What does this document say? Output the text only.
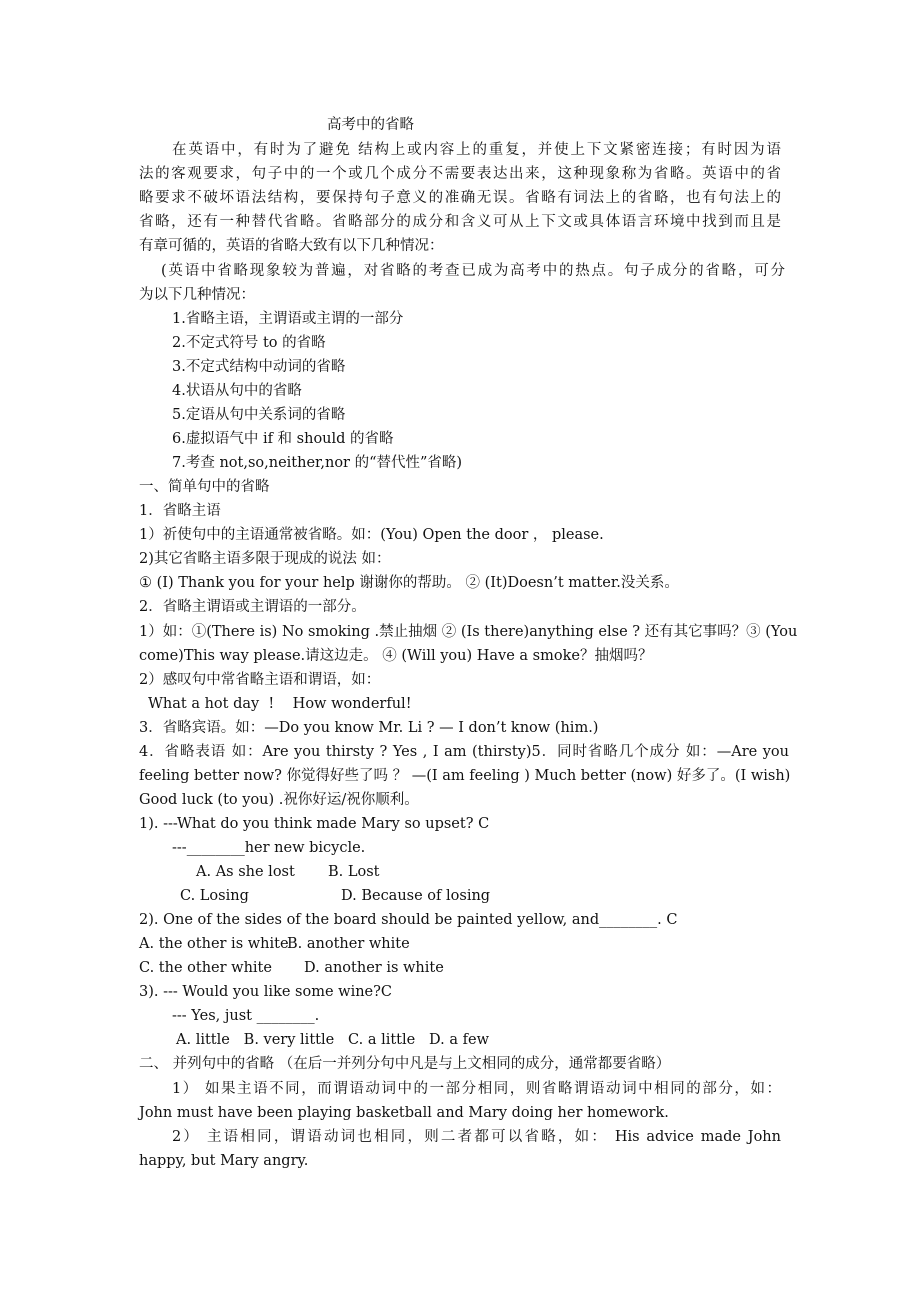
高考中的省略
在英语中，有时为了避免 结构上或内容上的重复，并使上下文紧密连接；有时因为语
法的客观要求，句子中的一个或几个成分不需要表达出来，这种现象称为省略。英语中的省
略要求不破坏语法结构，要保持句子意义的准确无误。省略有词法上的省略，也有句法上的
省略，还有一种替代省略。省略部分的成分和含义可从上下文或具体语言环境中找到而且是
有章可循的，英语的省略大致有以下几种情况：
(英语中省略现象较为普遍，对省略的考查已成为高考中的热点。句子成分的省略，可分
为以下几种情况：
1.省略主语，主谓语或主谓的一部分
2.不定式符号 to 的省略
3.不定式结构中动词的省略
4.状语从句中的省略
5.定语从句中关系词的省略
6.虚拟语气中 if 和 should 的省略
7.考查 not,so,neither,nor 的“替代性”省略)
一、简单句中的省略
1．省略主语
1）祈使句中的主语通常被省略。如：(You) Open the door ， please.
2)其它省略主语多限于现成的说法 如：
① (I) Thank you for your help 谢谢你的帮助。 ② (It)Doesn’t matter.没关系。
2．省略主谓语或主谓语的一部分。
1）如：①(There is) No smoking .禁止抽烟 ② (Is there)anything else ? 还有其它事吗？③ (You
come)This way please.请这边走。 ④ (Will you) Have a smoke？抽烟吗？
2）感叹句中常省略主语和谓语，如：
What a hot day  !    How wonderful!
3．省略宾语。如：—Do you know Mr. Li ? — I don’t know (him.)
4．省略表语 如：Are you thirsty ? Yes , I am (thirsty)5．同时省略几个成分 如：—Are you
feeling better now? 你觉得好些了吗 ？ —(I am feeling ) Much better (now) 好多了。(I wish)
Good luck (to you) .祝你好运/祝你顺利。
1). ---What do you think made Mary so upset? C
---________her new bicycle.
A. As she lost B. Lost
C. Losing	D. Because of losing
2). One of the sides of the board should be painted yellow, and________. C
A. the other is white
B. another white
C. the other white D. another is white
3). --- Would you like some wine?C
--- Yes, just ________.
A. little   B. very little   C. a little   D. a few
二、 并列句中的省略 （在后一并列分句中凡是与上文相同的成分，通常都要省略）
1） 如果主语不同，而谓语动词中的一部分相同，则省略谓语动词中相同的部分，如：
John must have been playing basketball and Mary doing her homework.
2） 主语相同，谓语动词也相同，则二者都可以省略，如： His advice made John
happy, but Mary angry.
